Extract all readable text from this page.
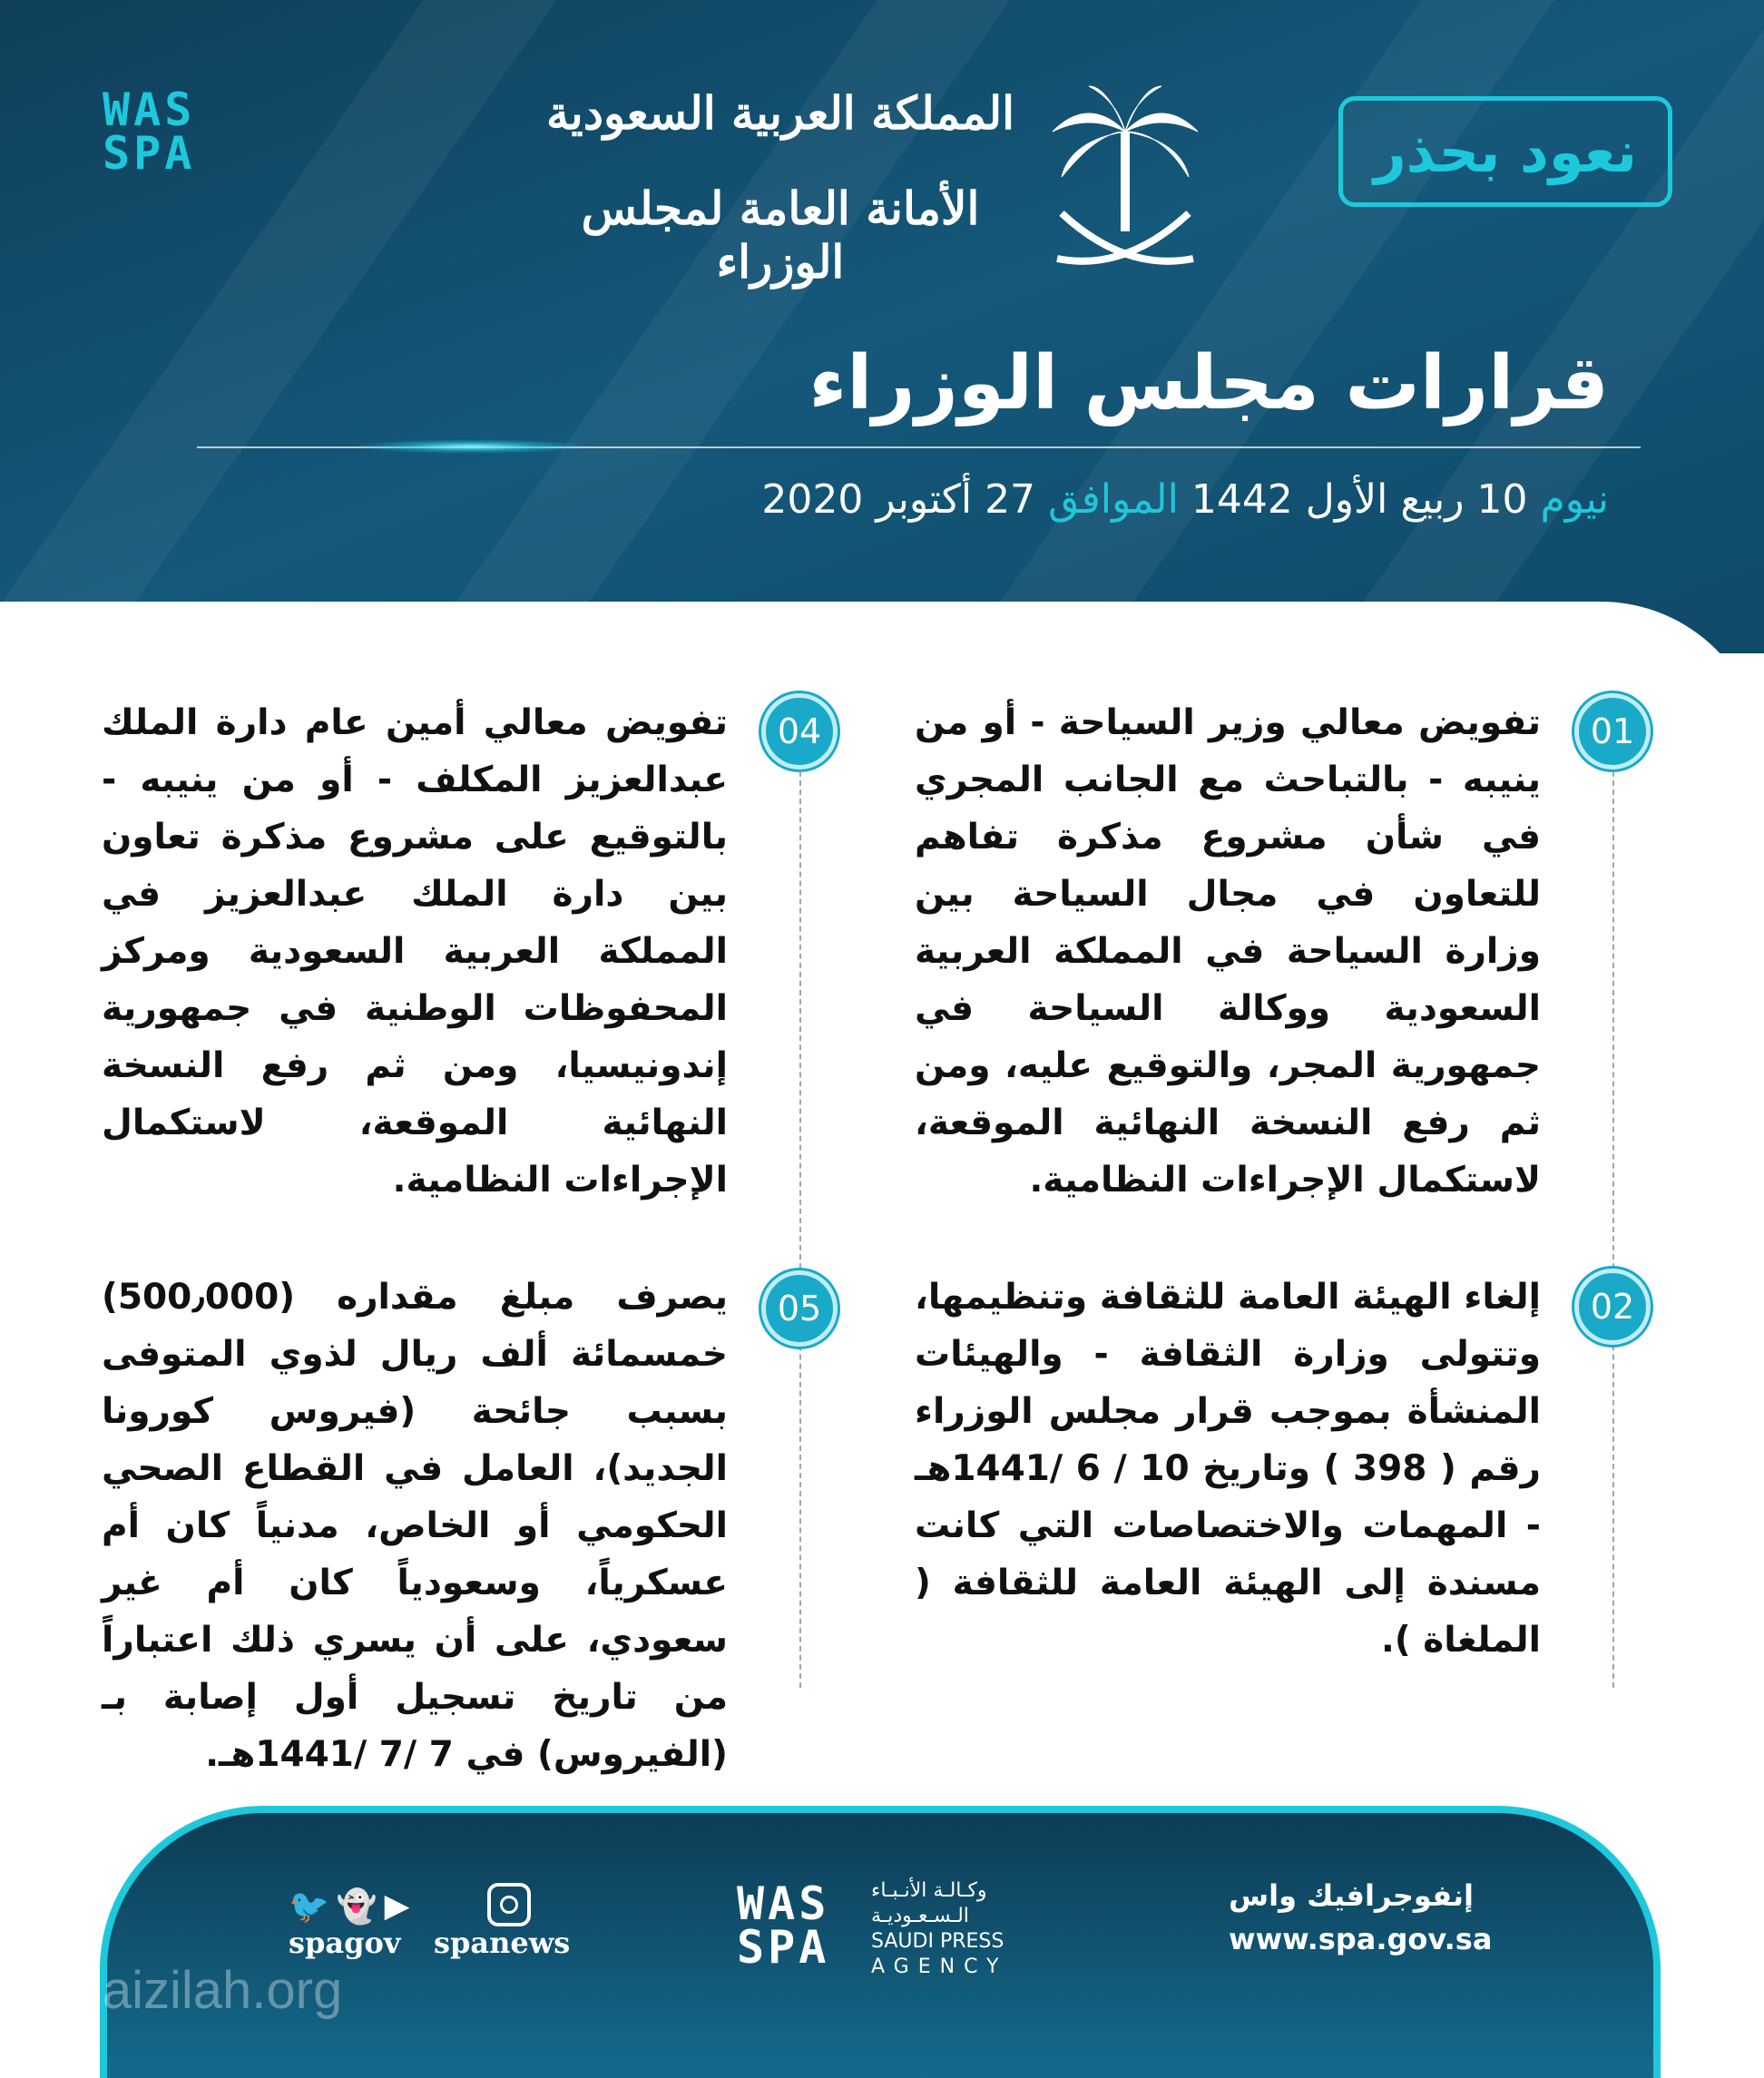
WAS
SPA	نعود بحذر
المملكة العربية السعودية
الأمانة العامة لمجلس الوزراء
قرارات مجلس الوزراء
نيوم 10 ربيع الأول 1442 الموافق 27 أكتوبر 2020
01
تفويض معالي وزير السياحة - أو من ينيبه - بالتباحث مع الجانب المجري في شأن مشروع مذكرة تفاهم للتعاون في مجال السياحة بين وزارة السياحة في المملكة العربية السعودية ووكالة السياحة في جمهورية المجر، والتوقيع عليه، ومن ثم رفع النسخة النهائية الموقعة، لاستكمال الإجراءات النظامية.
02
إلغاء الهيئة العامة للثقافة وتنظيمها، وتتولى وزارة الثقافة - والهيئات المنشأة بموجب قرار مجلس الوزراء رقم ( 398 ) وتاريخ 10 / 6 /1441هـ - المهمات والاختصاصات التي كانت مسندة إلى الهيئة العامة للثقافة ( الملغاة ).
04
تفويض معالي أمين عام دارة الملك عبدالعزيز المكلف - أو من ينيبه - بالتوقيع على مشروع مذكرة تعاون بين دارة الملك عبدالعزيز في المملكة العربية السعودية ومركز المحفوظات الوطنية في جمهورية إندونيسيا، ومن ثم رفع النسخة النهائية الموقعة، لاستكمال الإجراءات النظامية.
05
يصرف مبلغ مقداره (500٫000) خمسمائة ألف ريال لذوي المتوفى بسبب جائحة (فيروس كورونا الجديد)، العامل في القطاع الصحي الحكومي أو الخاص، مدنياً كان أم عسكرياً، وسعودياً كان أم غير سعودي، على أن يسري ذلك اعتباراً من تاريخ تسجيل أول إصابة بـ (الفيروس) في 7 /7 /1441هـ.
إنفوجرافيك واس
www.spa.gov.sa
WAS
SPA
وكـالـة الأنـبـاء
الـسـعـوديـة
SAUDI PRESS
AGENCY
🐦 👻 ▶
spagov spanews
munaizilah.org
